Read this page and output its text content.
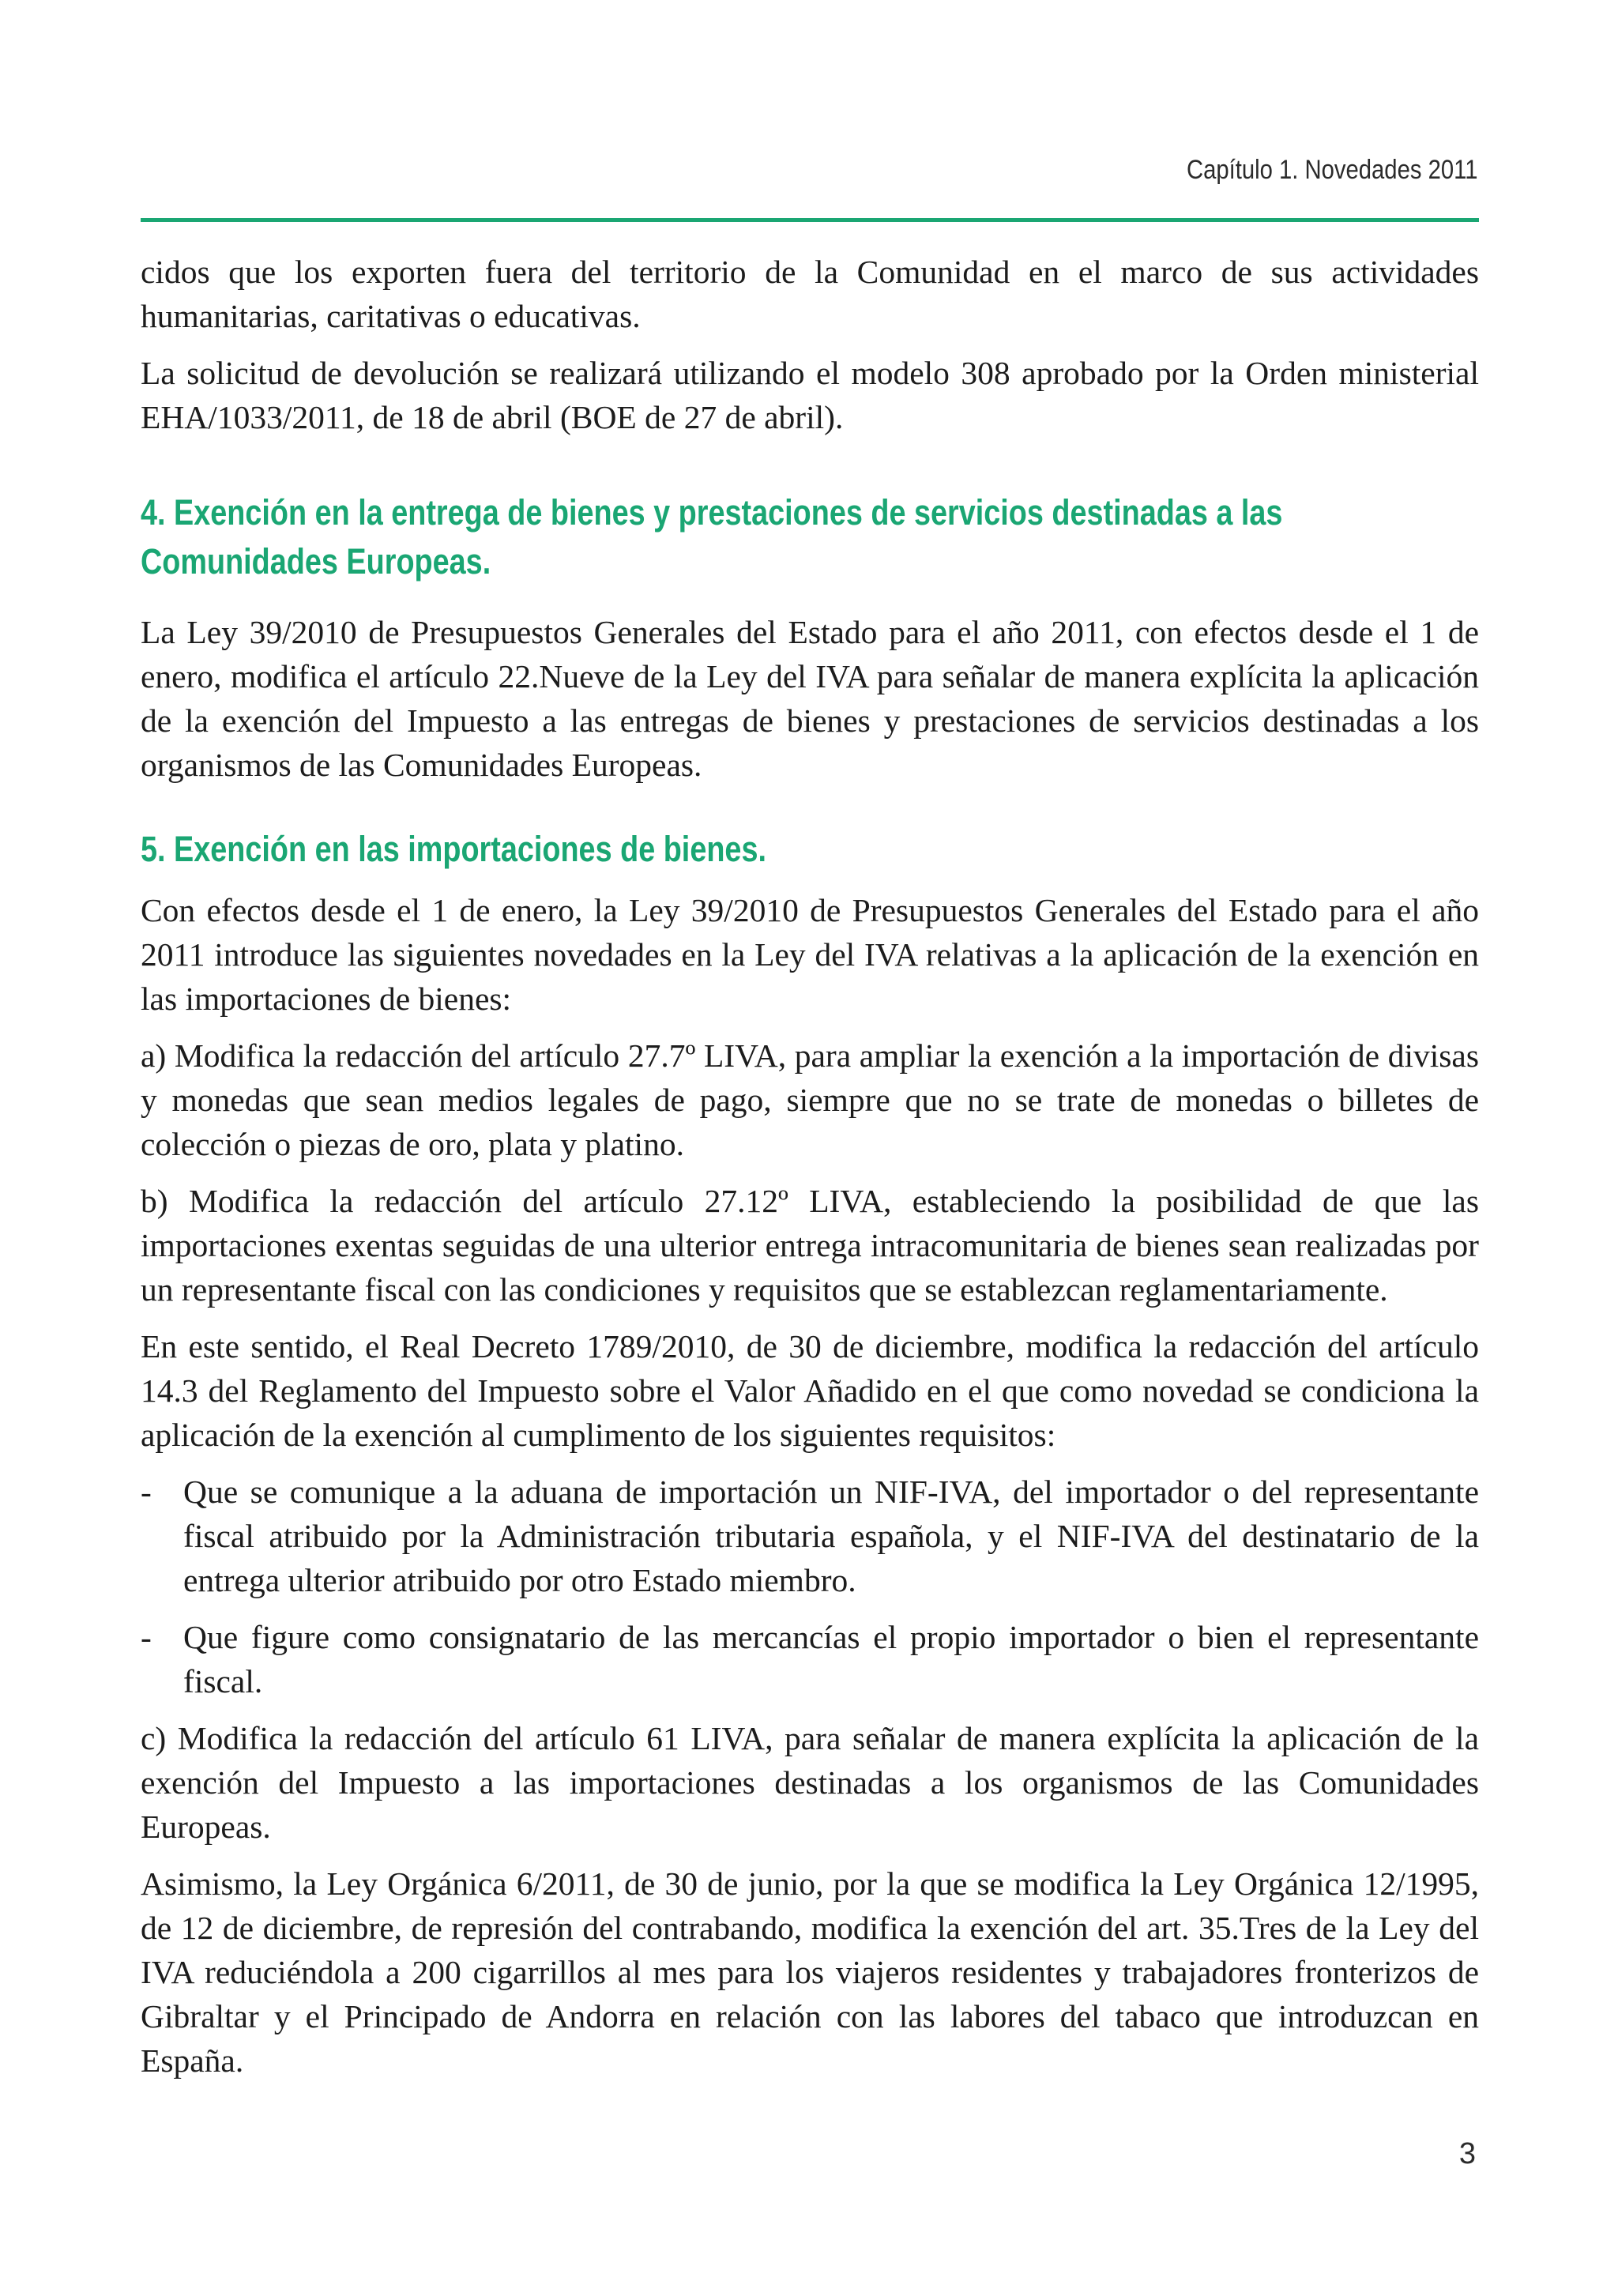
Capítulo 1. Novedades 2011

cidos que los exporten fuera del territorio de la Comunidad en el marco de sus actividades humanitarias, caritativas o educativas.

La solicitud de devolución se realizará utilizando el modelo 308 aprobado por la Orden ministerial EHA/1033/2011, de 18 de abril (BOE de 27 de abril).

4. Exención en la entrega de bienes y prestaciones de servicios destinadas a las Comunidades Europeas.

La Ley 39/2010 de Presupuestos Generales del Estado para el año 2011, con efectos desde el 1 de enero, modifica el artículo 22.Nueve de la Ley del IVA para señalar de manera explícita la aplicación de la exención del Impuesto a las entregas de bienes y prestaciones de servicios destinadas a los organismos de las Comunidades Europeas.

5. Exención en las importaciones de bienes.

Con efectos desde el 1 de enero, la Ley 39/2010 de Presupuestos Generales del Estado para el año 2011 introduce las siguientes novedades en la Ley del IVA relativas a la aplicación de la exención en las importaciones de bienes:

a) Modifica la redacción del artículo 27.7º LIVA, para ampliar la exención a la importación de divisas y monedas que sean medios legales de pago, siempre que no se trate de monedas o billetes de colección o piezas de oro, plata y platino.

b) Modifica la redacción del artículo 27.12º LIVA, estableciendo la posibilidad de que las importaciones exentas seguidas de una ulterior entrega intracomunitaria de bienes sean realizadas por un representante fiscal con las condiciones y requisitos que se establezcan reglamentariamente.

En este sentido, el Real Decreto 1789/2010, de 30 de diciembre, modifica la redacción del artículo 14.3 del Reglamento del Impuesto sobre el Valor Añadido en el que como novedad se condiciona la aplicación de la exención al cumplimento de los siguientes requisitos:

- Que se comunique a la aduana de importación un NIF-IVA, del importador o del representante fiscal atribuido por la Administración tributaria española, y el NIF-IVA del destinatario de la entrega ulterior atribuido por otro Estado miembro.
- Que figure como consignatario de las mercancías el propio importador o bien el representante fiscal.

c) Modifica la redacción del artículo 61 LIVA, para señalar de manera explícita la aplicación de la exención del Impuesto a las importaciones destinadas a los organismos de las Comunidades Europeas.

Asimismo, la Ley Orgánica 6/2011, de 30 de junio, por la que se modifica la Ley Orgánica 12/1995, de 12 de diciembre, de represión del contrabando, modifica la exención del art. 35.Tres de la Ley del IVA reduciéndola a 200 cigarrillos al mes para los viajeros residentes y trabajadores fronterizos de Gibraltar y el Principado de Andorra en relación con las labores del tabaco que introduzcan en España.

3
